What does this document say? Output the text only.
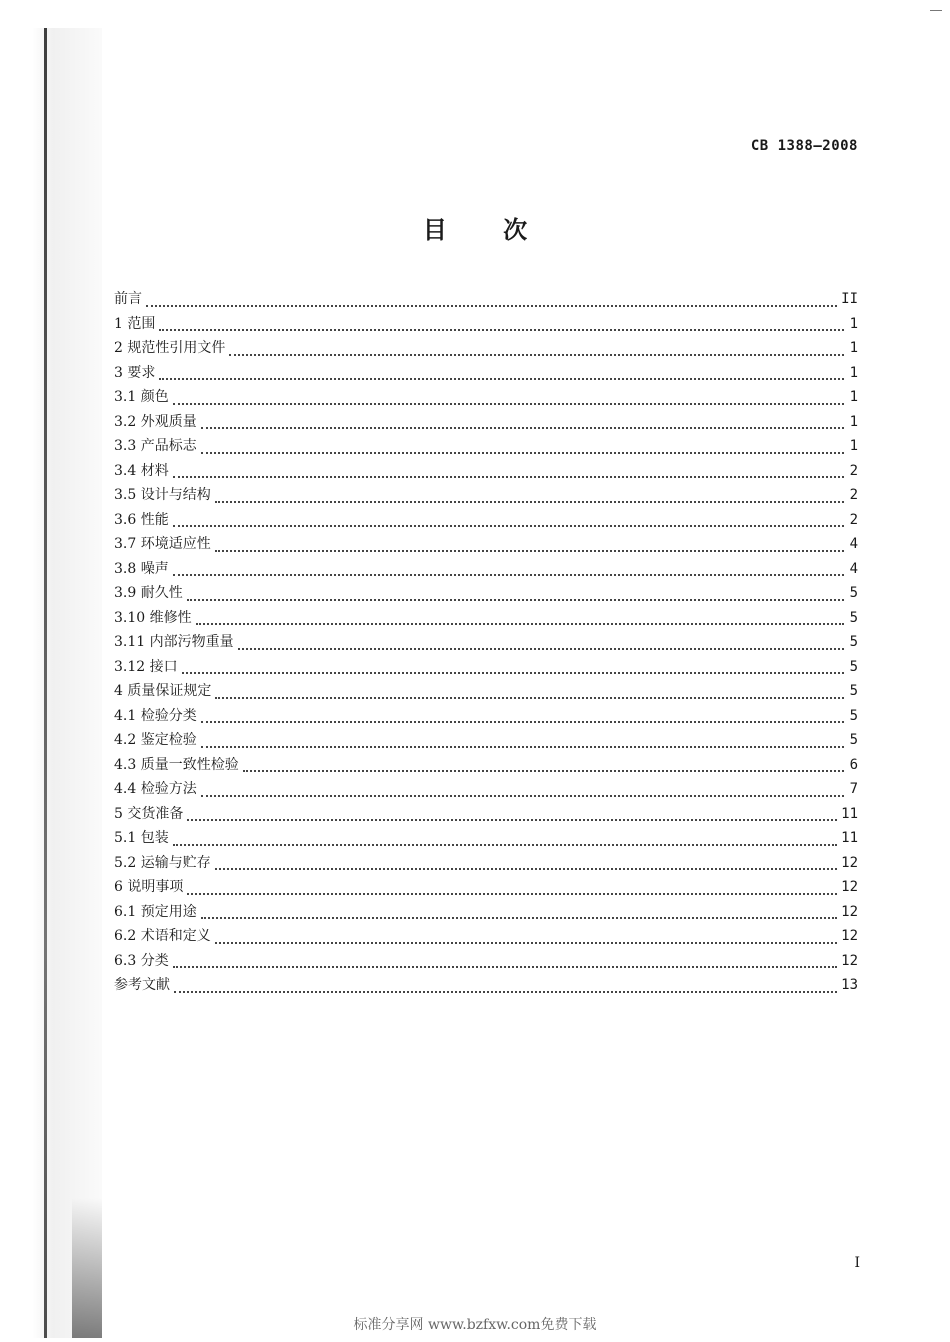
CB 1388—2008
目 次
前言	II
1 范围	1
2 规范性引用文件	1
3 要求	1
3.1 颜色	1
3.2 外观质量	1
3.3 产品标志	1
3.4 材料	2
3.5 设计与结构	2
3.6 性能	2
3.7 环境适应性	4
3.8 噪声	4
3.9 耐久性	5
3.10 维修性	5
3.11 内部污物重量	5
3.12 接口	5
4 质量保证规定	5
4.1 检验分类	5
4.2 鉴定检验	5
4.3 质量一致性检验	6
4.4 检验方法	7
5 交货准备	11
5.1 包装	11
5.2 运输与贮存	12
6 说明事项	12
6.1 预定用途	12
6.2 术语和定义	12
6.3 分类	12
参考文献	13
I
标准分享网 www.bzfxw.com免费下载
